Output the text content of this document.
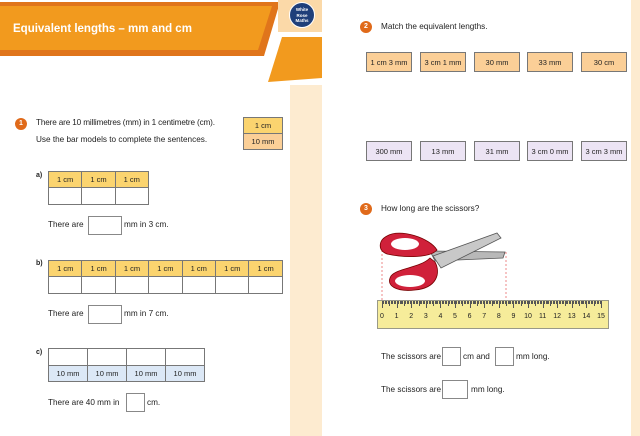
Equivalent lengths – mm and cm
White
Rose
Maths
1	There are 10 millimetres (mm) in 1 centimetre (cm).
Use the bar models to complete the sentences.
1 cm
10 mm
a)	1 cm	1 cm	1 cm
There are	mm in 3 cm.
b)
1 cm	1 cm	1 cm	1 cm	1 cm	1 cm	1 cm
There are	mm in 7 cm.
c)
10 mm	10 mm	10 mm	10 mm
There are 40 mm in	cm.
2	Match the equivalent lengths.
1 cm 3 mm
300 mm
3 cm 1 mm
13 mm
30 mm
31 mm
33 mm
3 cm 0 mm
30 cm
3 cm 3 mm
3	How long are the scissors?
0	1	2	3	4	5	6	7	8	9	10	11	12 13 14 15
The scissors are	cm and	mm long.
The scissors are	mm long.
